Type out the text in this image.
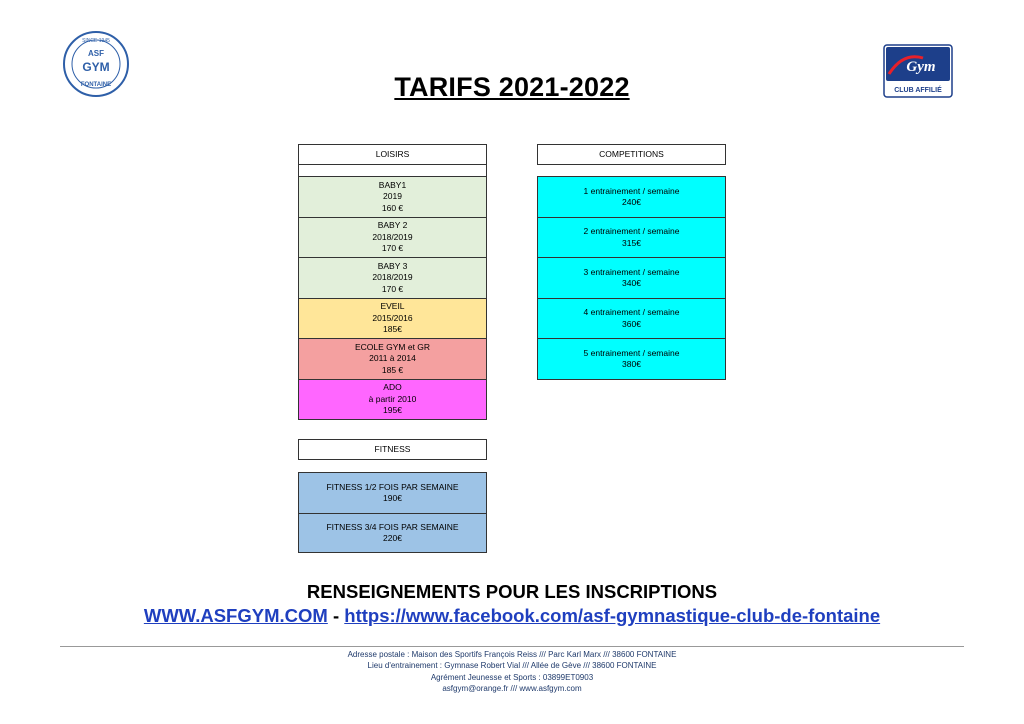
SINCE 1945
ASF
GYM
FONTAINE
Gym
CLUB AFFILIÉ
TARIFS 2021-2022
LOISIRS
BABY1
2019
160 €
BABY 2
2018/2019
170 €
BABY 3
2018/2019
170 €
EVEIL
2015/2016
185€
ECOLE GYM et GR
2011 à 2014
185 €
ADO
à partir 2010
195€
COMPETITIONS
1 entrainement / semaine
240€
2 entrainement / semaine
315€
3 entrainement / semaine
340€
4 entrainement / semaine
360€
5 entrainement / semaine
380€
FITNESS
FITNESS 1/2 FOIS PAR SEMAINE
190€
FITNESS 3/4 FOIS PAR SEMAINE
220€
RENSEIGNEMENTS POUR LES INSCRIPTIONS
WWW.ASFGYM.COM - https://www.facebook.com/asf-gymnastique-club-de-fontaine
Adresse postale : Maison des Sportifs François Reiss /// Parc Karl Marx /// 38600 FONTAINE
Lieu d'entrainement : Gymnase Robert Vial /// Allée de Gève /// 38600 FONTAINE
Agrément Jeunesse et Sports : 03899ET0903
asfgym@orange.fr /// www.asfgym.com
